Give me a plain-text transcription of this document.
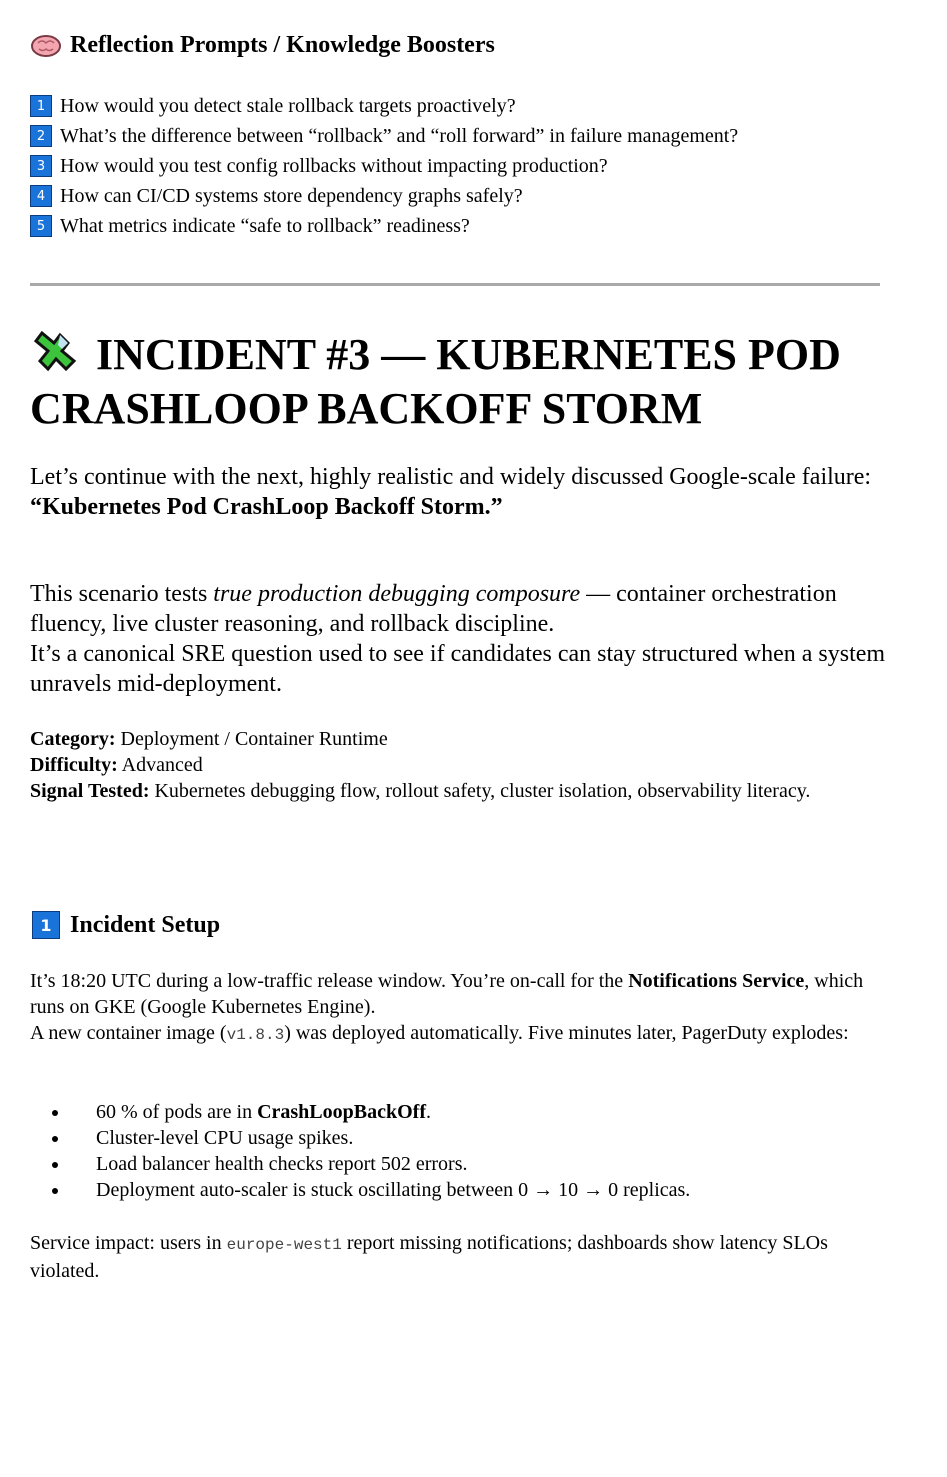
Reflection Prompts / Knowledge Boosters
1 How would you detect stale rollback targets proactively?
2 What’s the difference between “rollback” and “roll forward” in failure management?
3 How would you test config rollbacks without impacting production?
4 How can CI/CD systems store dependency graphs safely?
5 What metrics indicate “safe to rollback” readiness?
INCIDENT #3 — KUBERNETES POD CRASHLOOP BACKOFF STORM
Let’s continue with the next, highly realistic and widely discussed Google-scale failure:
“Kubernetes Pod CrashLoop Backoff Storm.”
This scenario tests true production debugging composure — container orchestration fluency, live cluster reasoning, and rollback discipline.
It’s a canonical SRE question used to see if candidates can stay structured when a system unravels mid-deployment.
Category: Deployment / Container Runtime
Difficulty: Advanced
Signal Tested: Kubernetes debugging flow, rollout safety, cluster isolation, observability literacy.
1 Incident Setup
It’s 18:20 UTC during a low-traffic release window. You’re on-call for the Notifications Service, which runs on GKE (Google Kubernetes Engine).
A new container image (v1.8.3) was deployed automatically. Five minutes later, PagerDuty explodes:
• 60 % of pods are in CrashLoopBackOff.
• Cluster-level CPU usage spikes.
• Load balancer health checks report 502 errors.
• Deployment auto-scaler is stuck oscillating between 0 → 10 → 0 replicas.
Service impact: users in europe-west1 report missing notifications; dashboards show latency SLOs violated.
